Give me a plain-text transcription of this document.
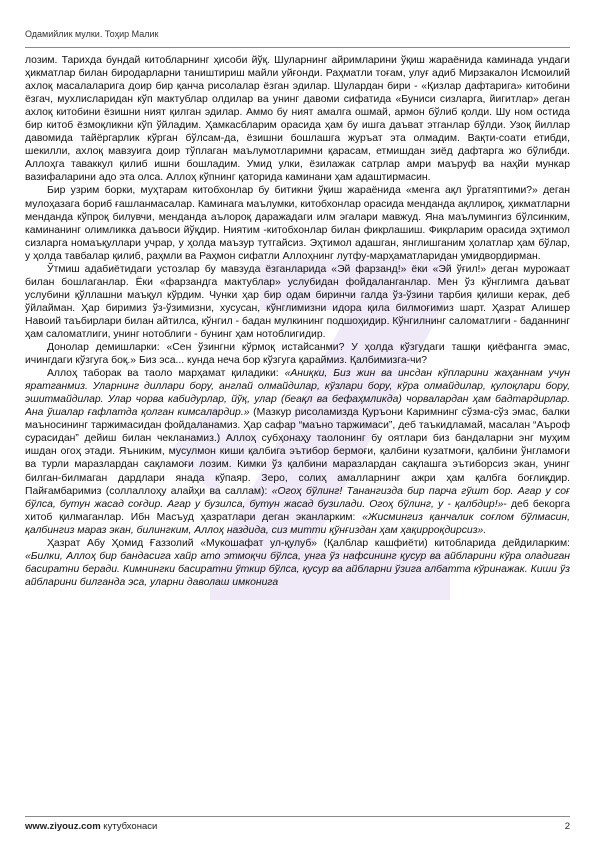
Одамийлик мулки. Тоҳир Малик

лозим. Тарихда бундай китобларнинг ҳисоби йўқ. Шуларнинг айримларини ўқиш жараёнида каминада ундаги ҳикматлар билан биродарларни таништириш майли уйғонди. Раҳматли тоғам, улуғ адиб Мирзакалон Исмоилий ахлоқ масалаларига доир бир қанча рисолалар ёзган эдилар. Шулардан бири - «Қизлар дафтарига» китобини ёзгач, мухлисларидан кўп мактублар олдилар ва унинг давоми сифатида «Буниси сизларга, йигитлар» деган ахлоқ китобини ёзишни ният қилган эдилар. Аммо бу ният амалга ошмай, армон бўлиб қолди. Шу ном остида бир китоб ёзмоқликни кўп ўйладим. Ҳамкасбларим орасида ҳам бу ишга даъват этганлар бўлди. Узоқ йиллар давомида тайёргарлик кўрган бўлсам-да, ёзишни бошлашга журъат эта олмадим. Вақти-соати етибди, шекилли, ахлоқ мавзуига доир тўплаган маълумотларимни қарасам, етмишдан зиёд дафтарга жо бўлибди. Аллоҳга таваккул қилиб ишни бошладим. Умид улки, ёзилажак сатрлар амри маъруф ва наҳйи мункар вазифаларини адо эта олса. Аллоҳ кўпнинг қаторида каминани ҳам адаштирмасин.

Бир узрим борки, муҳтарам китобхонлар бу битикни ўқиш жараёнида «менга ақл ўргатяптими?» деган мулоҳазага бориб ғашланмасалар. Каминага маълумки, китобхонлар орасида менданда ақллироқ, ҳикматларни менданда кўпроқ билувчи, менданда аълороқ даражадаги илм эгалари мавжуд. Яна маълумингиз бўлсинким, каминанинг олимликка даъвоси йўқдир. Ниятим -китобхонлар билан фикрлашиш. Фикрларим орасида эҳтимол сизларга номаъқуллари учрар, у ҳолда маъзур тутгайсиз. Эҳтимол адашган, янглишганим ҳолатлар ҳам бўлар, у ҳолда тавбалар қилиб, раҳмли ва Раҳмон сифатли Аллоҳнинг лутфу-марҳаматларидан умидвордирман.

Ўтмиш адабиётидаги устозлар бу мавзуда ёзганларида «Эй фарзанд!» ёки «Эй ўғил!» деган мурожаат билан бошлаганлар. Ёки «фарзандга мактублар» услубидан фойдаланганлар. Мен ўз кўнглимга даъват услубини қўллашни маъқул кўрдим. Чунки ҳар бир одам биринчи галда ўз-ўзини тарбия қилиши керак, деб ўйлайман. Ҳар биримиз ўз-ўзимизни, хусусан, кўнглимизни идора қила билмоғимиз шарт. Ҳазрат Алишер Навоий таъбирлари билан айтилса, кўнгил - бадан мулкининг подшоҳидир. Кўнгилнинг саломатлиги - баданнинг ҳам саломатлиги, унинг нотоблиги - бунинг ҳам нотоблигидир.

Донолар демишларки: «Сен ўзингни кўрмоқ истайсанми? У ҳолда кўзгудаги ташқи қиёфангга эмас, ичингдаги кўзгуга боқ.» Биз эса... кунда неча бор кўзгуга қараймиз. Қалбимизга-чи?

Аллоҳ таборак ва таоло марҳамат қиладики: «Аниқки, Биз жин ва инсдан кўпларини жаҳаннам учун яратганмиз. Уларнинг диллари бору, англай олмайдилар, кўзлари бору, кўра олмайдилар, қулоқлари бору, эшитмайдилар. Улар чорва кабидурлар, йўқ, улар (беақл ва бефаҳмликда) чорвалардан ҳам бадтардирлар. Ана ўшалар ғафлатда қолган кимсалардир.» (Мазкур рисоламизда Қуръони Каримнинг сўзма-сўз эмас, балки маъносининг таржимасидан фойдаланамиз. Ҳар сафар “маъно таржимаси”, деб таъкидламай, масалан “Аъроф сурасидан” дейиш билан чекланамиз.) Аллоҳ субҳонаҳу таолонинг бу оятлари биз бандаларни энг муҳим ишдан огоҳ этади. Яъниким, мусулмон киши қалбига эътибор бермоғи, қалбини кузатмоғи, қалбини ўнгламоғи ва турли маразлардан сақламоғи лозим. Кимки ўз қалбини маразлардан сақлашга эътиборсиз экан, унинг билган-билмаган дардлари янада кўпаяр. Зеро, солиҳ амалларнинг ажри ҳам қалбга боғлиқдир. Пайғамбаримиз (соллаллоҳу алайҳи ва саллам): «Огоҳ бўлинг! Танангизда бир парча гўшт бор. Агар у соғ бўлса, бутун жасад соғдир. Агар у бузилса, бутун жасад бузилади. Огоҳ бўлинг, у - қалбдир!»- деб бекорга хитоб қилмаганлар. Ибн Масъуд ҳазратлари деган эканларким: «Жисмингиз қанчалик соғлом бўлмасин, қалбингиз мараз экан, билингким, Аллоҳ наздида, сиз митти қўнғиздан ҳам ҳақирроқдирсиз».

Ҳазрат Абу Ҳомид Ғаззолий «Мукошафат ул-қулуб» (Қалблар кашфиёти) китобларида дейдиларким: «Билки, Аллоҳ бир бандасига хайр ато этмоқчи бўлса, унга ўз нафсининг қусур ва айбларини кўра оладиган басиратни беради. Кимнингки басиратни ўткир бўлса, қусур ва айбларни ўзига албатта кўринажак. Киши ўз айбларини билганда эса, уларни даволаш имконига

www.ziyouz.com кутубхонаси	2
